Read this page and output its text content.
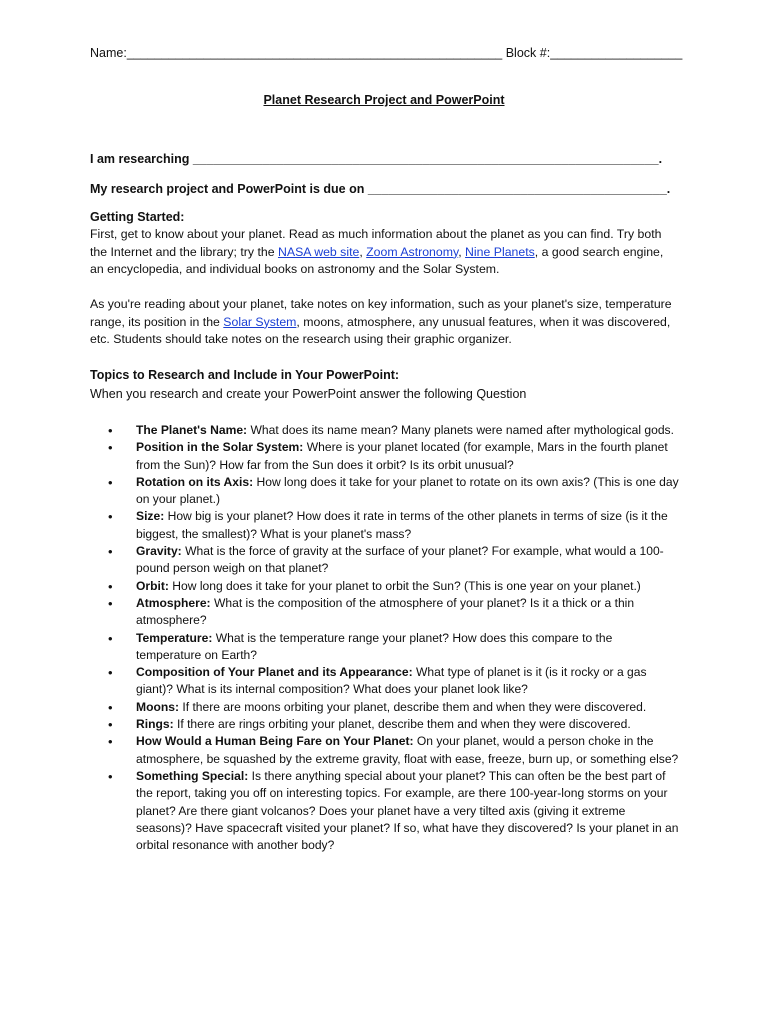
Name:______________________________________________________ Block #:___________________
Planet Research Project and PowerPoint
I am researching ___________________________________________________________________.
My research project and PowerPoint is due on ___________________________________________.
Getting Started:
First, get to know about your planet. Read as much information about the planet as you can find. Try both the Internet and the library; try the NASA web site, Zoom Astronomy, Nine Planets, a good search engine, an encyclopedia, and individual books on astronomy and the Solar System.
As you're reading about your planet, take notes on key information, such as your planet's size, temperature range, its position in the Solar System, moons, atmosphere, any unusual features, when it was discovered, etc. Students should take notes on the research using their graphic organizer.
Topics to Research and Include in Your PowerPoint:
When you research and create your PowerPoint answer the following Question
• The Planet's Name: What does its name mean? Many planets were named after mythological gods.
• Position in the Solar System: Where is your planet located (for example, Mars in the fourth planet from the Sun)? How far from the Sun does it orbit? Is its orbit unusual?
• Rotation on its Axis: How long does it take for your planet to rotate on its own axis? (This is one day on your planet.)
• Size: How big is your planet? How does it rate in terms of the other planets in terms of size (is it the biggest, the smallest)? What is your planet's mass?
• Gravity: What is the force of gravity at the surface of your planet? For example, what would a 100-pound person weigh on that planet?
• Orbit: How long does it take for your planet to orbit the Sun? (This is one year on your planet.)
• Atmosphere: What is the composition of the atmosphere of your planet? Is it a thick or a thin atmosphere?
• Temperature: What is the temperature range your planet? How does this compare to the temperature on Earth?
• Composition of Your Planet and its Appearance: What type of planet is it (is it rocky or a gas giant)? What is its internal composition? What does your planet look like?
• Moons: If there are moons orbiting your planet, describe them and when they were discovered.
• Rings: If there are rings orbiting your planet, describe them and when they were discovered.
• How Would a Human Being Fare on Your Planet: On your planet, would a person choke in the atmosphere, be squashed by the extreme gravity, float with ease, freeze, burn up, or something else?
• Something Special: Is there anything special about your planet? This can often be the best part of the report, taking you off on interesting topics. For example, are there 100-year-long storms on your planet? Are there giant volcanos? Does your planet have a very tilted axis (giving it extreme seasons)? Have spacecraft visited your planet? If so, what have they discovered? Is your planet in an orbital resonance with another body?
